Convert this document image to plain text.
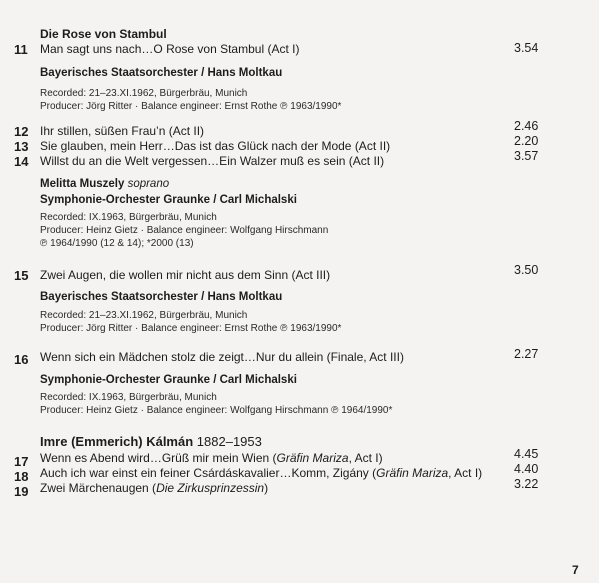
Die Rose von Stambul
11	Man sagt uns nach…O Rose von Stambul (Act I)	3.54
Bayerisches Staatsorchester / Hans Moltkau
Recorded: 21–23.XI.1962, Bürgerbräu, Munich
Producer: Jörg Ritter · Balance engineer: Ernst Rothe ℗ 1963/1990*
12 Ihr stillen, süßen Frau’n (Act II)	2.46
13 Sie glauben, mein Herr…Das ist das Glück nach der Mode (Act II)	2.20
14 Willst du an die Welt vergessen…Ein Walzer muß es sein (Act II)	3.57
Melitta Muszely soprano
Symphonie-Orchester Graunke / Carl Michalski
Recorded: IX.1963, Bürgerbräu, Munich
Producer: Heinz Gietz · Balance engineer: Wolfgang Hirschmann
℗ 1964/1990 (12 & 14); *2000 (13)
15 Zwei Augen, die wollen mir nicht aus dem Sinn (Act III)	3.50
Bayerisches Staatsorchester / Hans Moltkau
Recorded: 21–23.XI.1962, Bürgerbräu, Munich
Producer: Jörg Ritter · Balance engineer: Ernst Rothe ℗ 1963/1990*
16 Wenn sich ein Mädchen stolz die zeigt…Nur du allein (Finale, Act III)	2.27
Symphonie-Orchester Graunke / Carl Michalski
Recorded: IX.1963, Bürgerbräu, Munich
Producer: Heinz Gietz · Balance engineer: Wolfgang Hirschmann ℗ 1964/1990*
Imre (Emmerich) Kálmán 1882–1953
17 Wenn es Abend wird…Grüß mir mein Wien (Gräfin Mariza, Act I)	4.45
18 Auch ich war einst ein feiner Csárdáskavalier…Komm, Zigány (Gräfin Mariza, Act I)	4.40
19 Zwei Märchenaugen (Die Zirkusprinzessin)	3.22
7
